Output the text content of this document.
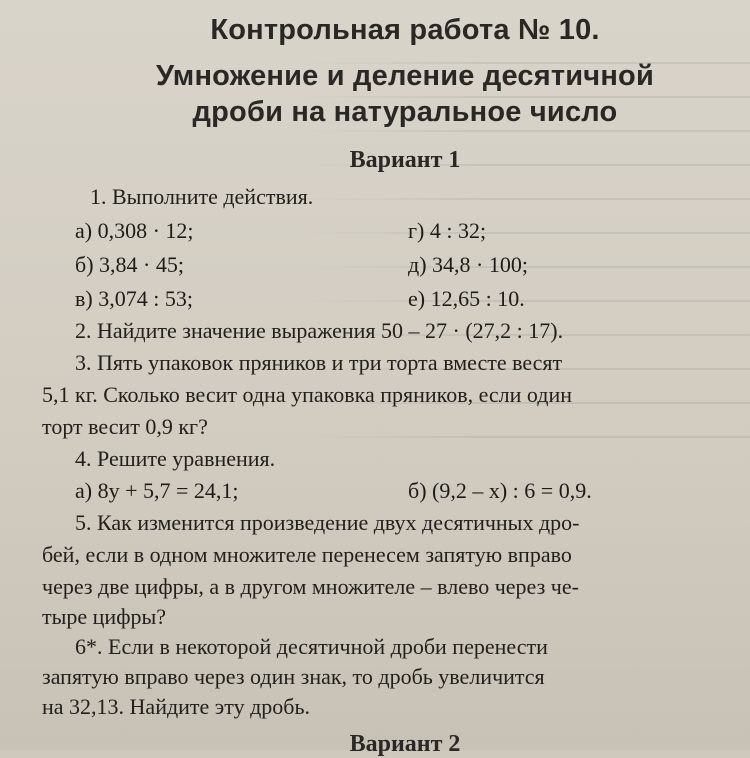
Контрольная работа № 10.
Умножение и деление десятичной
дроби на натуральное число
Вариант 1
1. Выполните действия.
а) 0,308 · 12;	г) 4 : 32;
б) 3,84 · 45;	д) 34,8 · 100;
в) 3,074 : 53;	е) 12,65 : 10.
2. Найдите значение выражения 50 – 27 · (27,2 : 17).
3. Пять упаковок пряников и три торта вместе весят
5,1 кг. Сколько весит одна упаковка пряников, если один
торт весит 0,9 кг?
4. Решите уравнения.
а) 8y + 5,7 = 24,1;	б) (9,2 – x) : 6 = 0,9.
5. Как изменится произведение двух десятичных дро-
бей, если в одном множителе перенесем запятую вправо
через две цифры, а в другом множителе – влево через че-
тыре цифры?
6*. Если в некоторой десятичной дроби перенести
запятую вправо через один знак, то дробь увеличится
на 32,13. Найдите эту дробь.
Вариант 2
